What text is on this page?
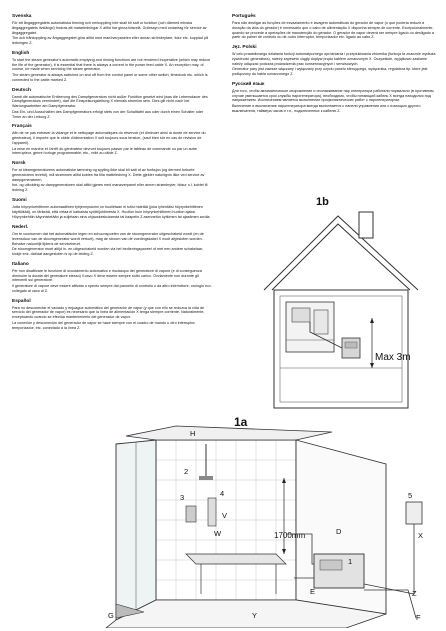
Svenska

För att ångaggregatets automatiska timning och nerkoppling inte skall bli satt ur funktion (och därmed minska ångaggregatets livslängd) fordras att matarledningar X alltid har ginna tidsrelä. Gränssyn med undantag för service av ångaggregatet.

Tim och frånkoppling av ångaggregatet göra alltid med manöverpanelen eller annan strömbrytare, tidur etc. kopplad på ledningen Z.

English

To start the steam generator's automatic emptying and rinsing functions are not rendered inoperative (which may reduce the life of the generator), it is essential that there is always a current in the power feed cable X. An exception may, of course, be made when servicing the steam generator.

The steam generator is always switched on and off from the control panel or some other switch, timeclock etc. which is connected to the cable marked Z.

Deutsch

Damit die automatische Entleerung des Dampfgenerators nicht außer Funktion gesetzt wird (was die Lebensdauer des Dampfgenerators vermindert), darf die Einspeisungsleitung X niemals stromlos sein. Dies gilt nicht nach bei Wartungsarbeiten am Dampfgenerator.

Das Ein- und Ausschalten des Dampfgenerators erfolgt stets von der Schalttafel aus oder durch einen Schalter oder Timer an der Leitung Z.

Français

Afin de ne pas entraver la vidange et le nettoyage automatiques du réservoir (et diminuer ainsi la durée de service du générateur), il importe que le câble d'alimentation X soit toujours sous tension, (sauf bien sûr en cas de révision de l'appareil).

La mise en marche et l'arrêt du générateur devront toujours passer par le tableau de commande ou par un autre interrupteur, genre horloge programmable, etc., relié au câble Z.

Norsk

For at ideamgeneratorens automatiske tømming og spyling ikke skal bli satt ut av funksjon (og dermed forkorte generatorens levetid), må strømmen alltid kobles fra tilla matteledning X. Dette gjelder naturligvis ikke ved service av dampgeneratoren.

Inn- og utkobling av dampgeneratoren skal alltid gjøres med manøverpanel eller annen strømbryter, tidsur o.l. koblet til ledning Z.

Suomi

Jotta höyrynkehittimen automaattinen tyhjennystoimi on huolletaan ei tulisi hidetää (joka lyhentäisi höyrynkehittimen käyttöikää), on tärkeää, että virtaa ei katkaista syöttöjohtimesta X. Huollon kuin höyrynkehittimen huollon ajaksi.

Höyrynkehitin käynnistetään ja suljetaan aina ohjauskeskuksesta tai kaapelin Z asennetun kytkimen tai ajastimen avulla.

Nederl.

Om te voorkomen dat het automatische legen en schoonspoelen van de stoomgenerator uitgeschakeld wordt (en de levensduur van de stoomgenerator wordt verkort), mag de stroom van de voedingskabel X nooit afgesloten worden. Behalve natuurlijk tijdens de servicebeurt.

De stoomgenerator moet altijd in- en uitgeschakeld worden via het bedieningspaneel of met een andere schakelaar, klokje enz. dat/dat aangesloten is op de leiding Z.

Italiano

Per non disattivare le funzione di svuotamento automatico e risciacquo del generatore di vapore (e di conseguenza diminuire la durata del generatore stesso) il cavo X deve essere sempre sotto carico. Ovviamente non durante gli interventi sul generatore.

Il generatore di vapore deve essere attivato o spento sempre dal pannello di controllo o da altro interruttore, orologio ecc. collegato al cavo di Z.

Español

Para no desconectar el vaciado y enjuague automático del generador de vapor (y que con ello se reduzca la vida de servicio del generador de vapor) es necesario que la línea de alimentación X tenga siempre corriente. Naturalmente, exceptuando cuando se efectúa mantenimiento del generador de vapor.

La conexión y desconexión del generador de vapor se hace siempre con el cuadro de mando u otro interruptor, temporizador, etc. conectado a la línea Z.

Português

Para não desligar as funções de esvaziamento e lavagem automáticas do gerador de vapor (o que poderia reduzir a duração da vida do gerador) é necessário que o cabo de alimentação X disponha sempre de corrente. Excepcionalmente, quando se procede a operações de manutenção do gerador. O gerador de vapor deverá ser sempre ligado ou desligado a partir do painel de controlo ou de outro interruptor, temporizador etc. ligado ao cabo Z.

Jęz. Polski

W celu prawidłowego działania funkcji automatycznego opróżniania i przepłukiwania zbiornika (funkcja ta znacznie wydłuża żywotność generatora), należy zapewnić ciągły dopływ prądu kablem oznaczonym X. Oczywiście, wyjątkowo zasilanie należy odłączać podczas prowadzenia prac konserwacyjnych i serwisowych.

Generator pary jest zawsze włączany i wyłączany przy użyciu panelu sterującego, wyłącznika, regulatora itp. które jest podłączony do kabla oznaczonego Z.

Русский язык

Для того, чтобы автоматическое опорожнение и ополаскивание пар огенератора работали нормально (в противном случае уменьшается срок службы парогенератора), необходимо, чтобы питающий кабель X всегда находился под напряжением. Исключением является выполнение профилактических работ с парогенератором.

Включение и выключение парогенератора всегда выполняется с панели управления или с помощью другого выключателя, таймера часов и т.п., подключенных к кабелю Z.

1b
Max 3m
1a
1700mm
H
2
3	4
V
W	D
E
1
5
X
Z
F
Y
G
